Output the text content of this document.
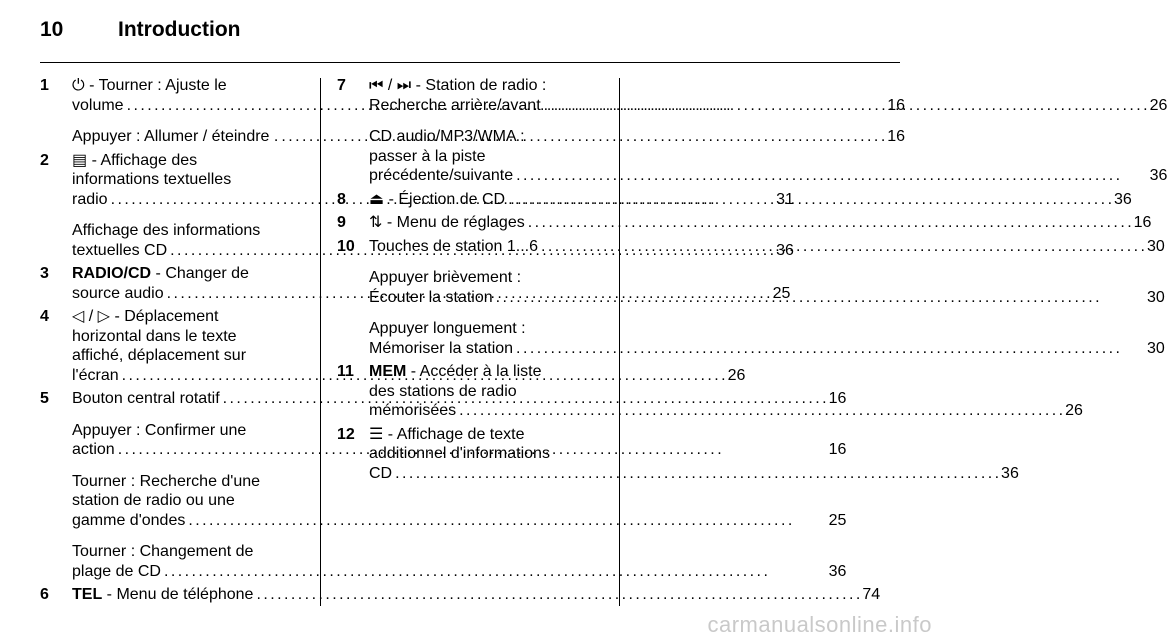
10	Introduction
1	⏻ - Tourner : Ajuste le
volume . . .	16
Appuyer : Allumer / éteindre . . . .	16
2	▤ - Affichage des
informations textuelles
radio . . .	31
Affichage des informations
textuelles CD . . .	36
3	RADIO/CD - Changer de
source audio . . .	25
4	◁ / ▷ - Déplacement
horizontal dans le texte
affiché, déplacement sur
l'écran . . .	26
5	Bouton central rotatif . . .	16
Appuyer : Confirmer une
action . . .	16
Tourner : Recherche d'une
station de radio ou une
gamme d'ondes . . .	25
Tourner : Changement de
plage de CD . . .	36
6	TEL - Menu de téléphone . . .	74
7	⏮ / ⏭ - Station de radio :
Recherche arrière/avant . . .	26
CD audio/MP3/WMA :
passer à la piste
précédente/suivante . . .	36
8	⏏ - Éjection de CD . . .	36
9	⇅ - Menu de réglages . . .	16
10 Touches de station 1...6 . . .	30
Appuyer brièvement :
Écouter la station . . .	30
Appuyer longuement :
Mémoriser la station . . .	30
11 MEM - Accéder à la liste
des stations de radio
mémorisées . . .	26
12 ☰ - Affichage de texte
additionnel d'informations
CD . . .	36
carmanualsonline.info
